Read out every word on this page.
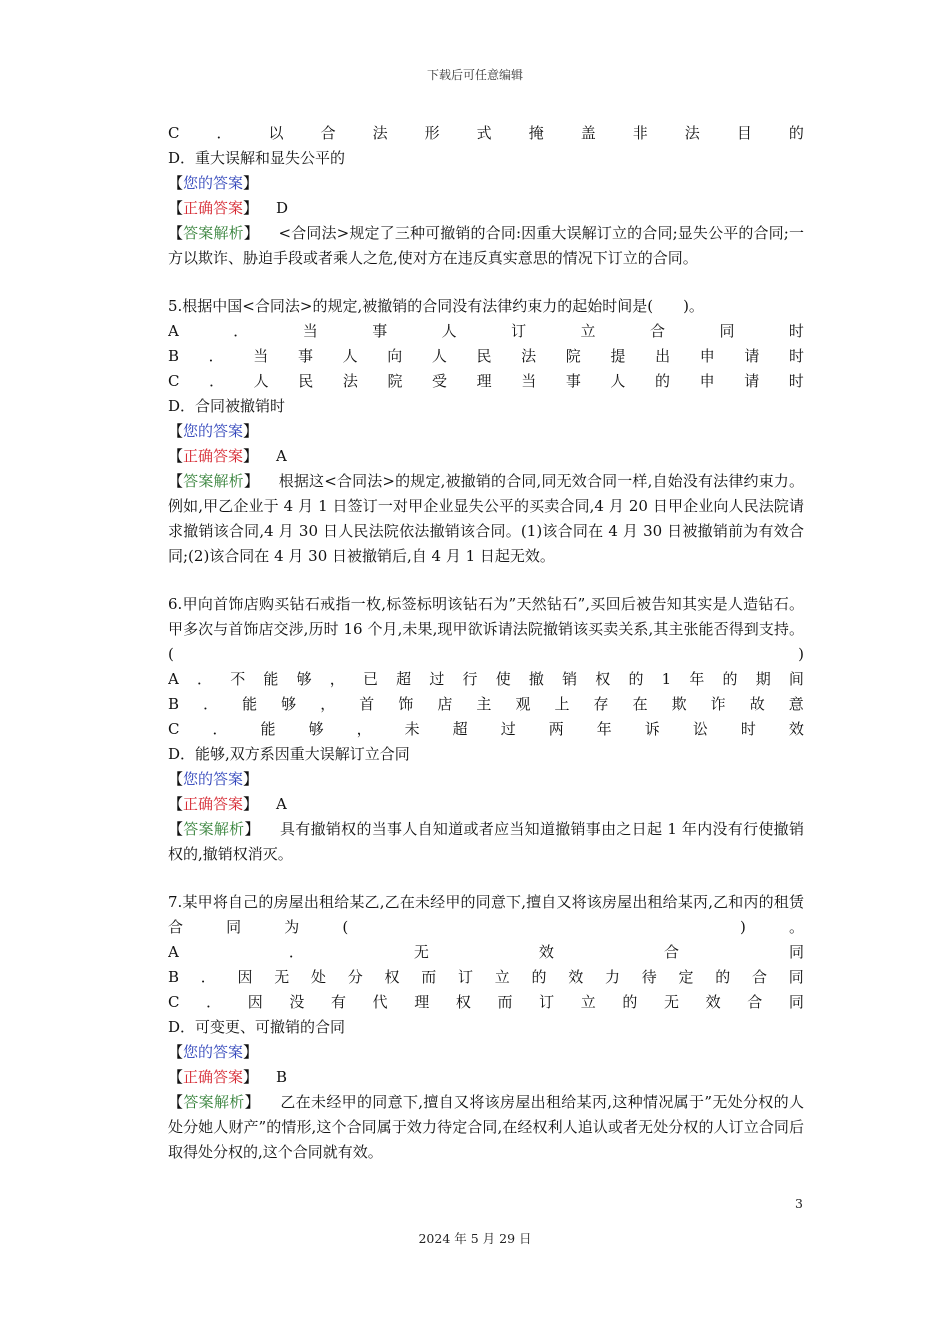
下载后可任意编辑
C ． 以 合 法 形 式 掩 盖 非 法 目 的
D．重大误解和显失公平的
【您的答案】
【正确答案】 D
【答案解析】 <合同法>规定了三种可撤销的合同:因重大误解订立的合同;显失公平的合同;一方以欺诈、胁迫手段或者乘人之危,使对方在违反真实意思的情况下订立的合同。
5.根据中国<合同法>的规定,被撤销的合同没有法律约束力的起始时间是(　　)。
A	．	当	事	人	订	立	合	同	时
B ． 当 事 人 向 人 民 法 院 提 出 申 请 时
C ． 人 民 法 院 受 理 当 事 人 的 申 请 时
D．合同被撤销时
【您的答案】
【正确答案】 A
【答案解析】 根据这<合同法>的规定,被撤销的合同,同无效合同一样,自始没有法律约束力。例如,甲乙企业于 4 月 1 日签订一对甲企业显失公平的买卖合同,4 月 20 日甲企业向人民法院请求撤销该合同,4 月 30 日人民法院依法撤销该合同。(1)该合同在 4 月 30 日被撤销前为有效合同;(2)该合同在 4 月 30 日被撤销后,自 4 月 1 日起无效。
6.甲向首饰店购买钻石戒指一枚,标签标明该钻石为”天然钻石”,买回后被告知其实是人造钻石。甲多次与首饰店交涉,历时 16 个月,未果,现甲欲诉请法院撤销该买卖关系,其主张能否得到支持。(　)
A ． 不 能 够 ， 已 超 过 行 使 撤 销 权 的 1 年 的 期 间
B ． 能 够 ， 首 饰 店 主 观 上 存 在 欺 诈 故 意
C ． 能 够 ， 未 超 过 两 年 诉 讼 时 效
D．能够,双方系因重大误解订立合同
【您的答案】
【正确答案】 A
【答案解析】 具有撤销权的当事人自知道或者应当知道撤销事由之日起 1 年内没有行使撤销权的,撤销权消灭。
7.某甲将自己的房屋出租给某乙,乙在未经甲的同意下,擅自又将该房屋出租给某丙,乙和丙的租赁合同为(　　　　　　)。
A	．	无	效	合	同
B ． 因 无 处 分 权 而 订 立 的 效 力 待 定 的 合 同
C ． 因 没 有 代 理 权 而 订 立 的 无 效 合 同
D．可变更、可撤销的合同
【您的答案】
【正确答案】 B
【答案解析】 乙在未经甲的同意下,擅自又将该房屋出租给某丙,这种情况属于”无处分权的人处分她人财产”的情形,这个合同属于效力待定合同,在经权利人追认或者无处分权的人订立合同后取得处分权的,这个合同就有效。
3
2024 年 5 月 29 日
